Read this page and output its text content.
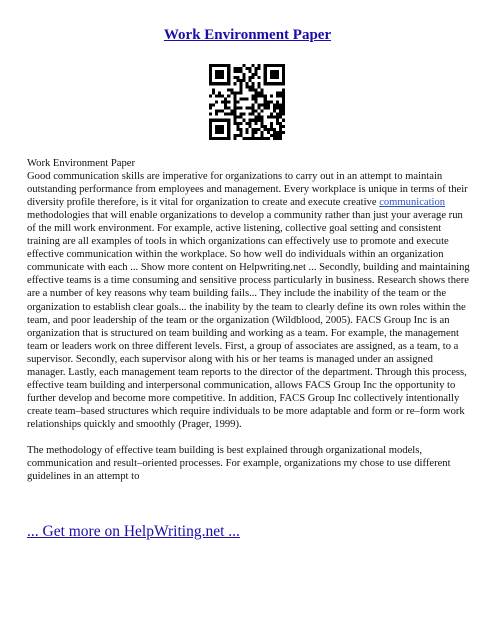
Work Environment Paper

Work Environment Paper

Good communication skills are imperative for organizations to carry out in an attempt to maintain outstanding performance from employees and management. Every workplace is unique in terms of their diversity profile therefore, is it vital for organization to create and execute creative communication methodologies that will enable organizations to develop a community rather than just your average run of the mill work environment. For example, active listening, collective goal setting and consistent training are all examples of tools in which organizations can effectively use to promote and execute effective communication within the workplace. So how well do individuals within an organization communicate with each ... Show more content on Helpwriting.net ... Secondly, building and maintaining effective teams is a time consuming and sensitive process particularly in business. Research shows there are a number of key reasons why team building fails... They include the inability of the team or the organization to establish clear goals... the inability by the team to clearly define its own roles within the team, and poor leadership of the team or the organization (Wildblood, 2005). FACS Group Inc is an organization that is structured on team building and working as a team. For example, the management team or leaders work on three different levels. First, a group of associates are assigned, as a team, to a supervisor. Secondly, each supervisor along with his or her teams is managed under an assigned manager. Lastly, each management team reports to the director of the department. Through this process, effective team building and interpersonal communication, allows FACS Group Inc the opportunity to further develop and become more competitive. In addition, FACS Group Inc collectively intentionally create team–based structures which require individuals to be more adaptable and form or re–form work relationships quickly and smoothly (Prager, 1999).

The methodology of effective team building is best explained through organizational models, communication and result–oriented processes. For example, organizations my chose to use different guidelines in an attempt to

... Get more on HelpWriting.net ...
